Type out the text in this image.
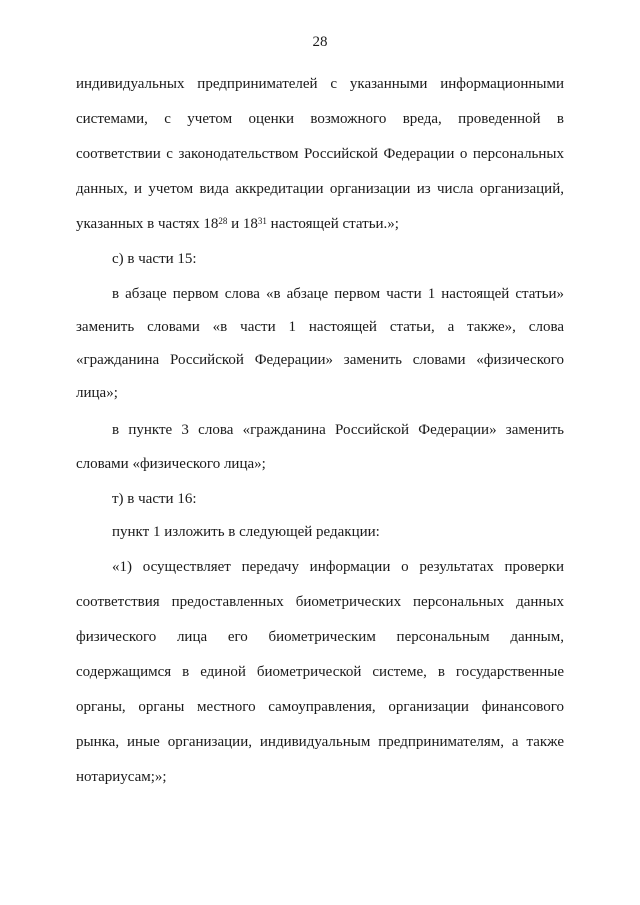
28
индивидуальных предпринимателей с указанными информационными
системами, с учетом оценки возможного вреда, проведенной в
соответствии с законодательством Российской Федерации о персональных
данных, и учетом вида аккредитации организации из числа организаций,
указанных в частях $18^{28}$ и $18^{31}$ настоящей статьи.»;
с) в части 15:
в абзаце первом слова «в абзаце первом части 1 настоящей статьи»
заменить словами «в части 1 настоящей статьи, а также», слова
«гражданина Российской Федерации» заменить словами «физического
лица»;
в пункте 3 слова «гражданина Российской Федерации» заменить
словами «физического лица»;
т) в части 16:
пункт 1 изложить в следующей редакции:
«1) осуществляет передачу информации о результатах проверки
соответствия предоставленных биометрических персональных данных
физического лица его биометрическим персональным данным,
содержащимся в единой биометрической системе, в государственные
органы, органы местного самоуправления, организации финансового
рынка, иные организации, индивидуальным предпринимателям, а также
нотариусам;»;
